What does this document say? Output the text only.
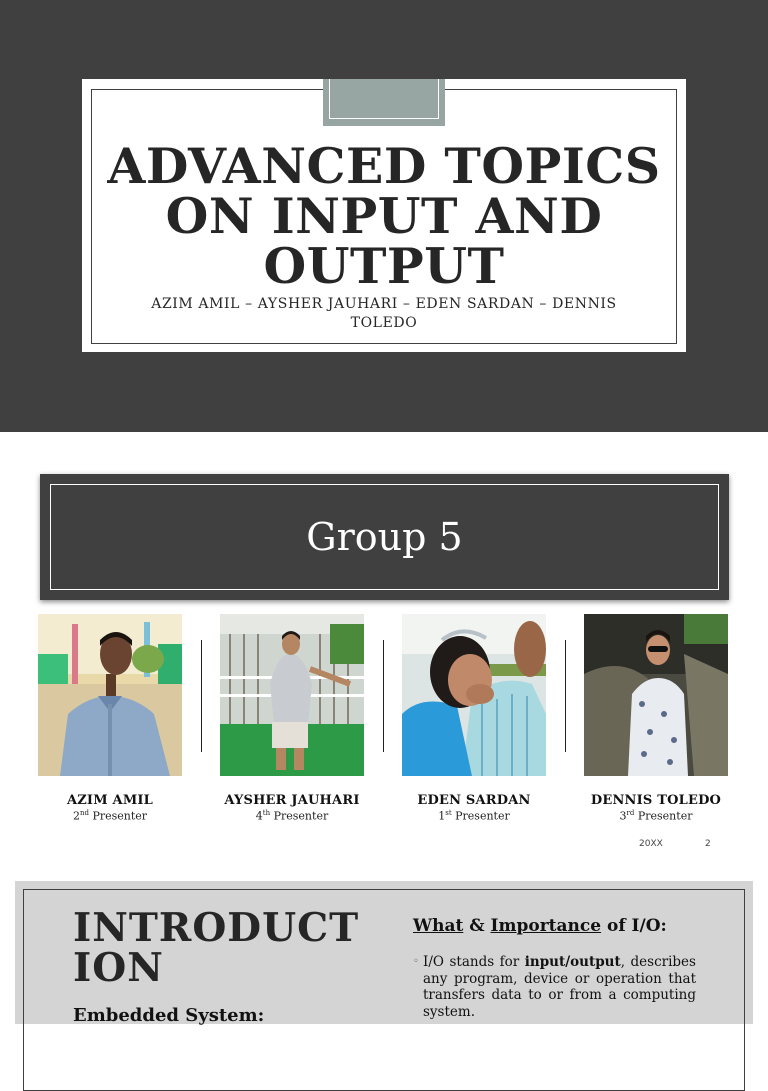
ADVANCED TOPICS ON INPUT AND OUTPUT
AZIM AMIL – AYSHER JAUHARI – EDEN SARDAN – DENNIS TOLEDO
Group 5
AZIM AMIL
2nd Presenter
AYSHER JAUHARI
4th Presenter
EDEN SARDAN
1st Presenter
DENNIS TOLEDO
3rd Presenter
20XX	2
INTRODUCTION
Embedded System:
What & Importance of I/O:
◦ I/O stands for input/output, describes any program, device or operation that transfers data to or from a computing system.
